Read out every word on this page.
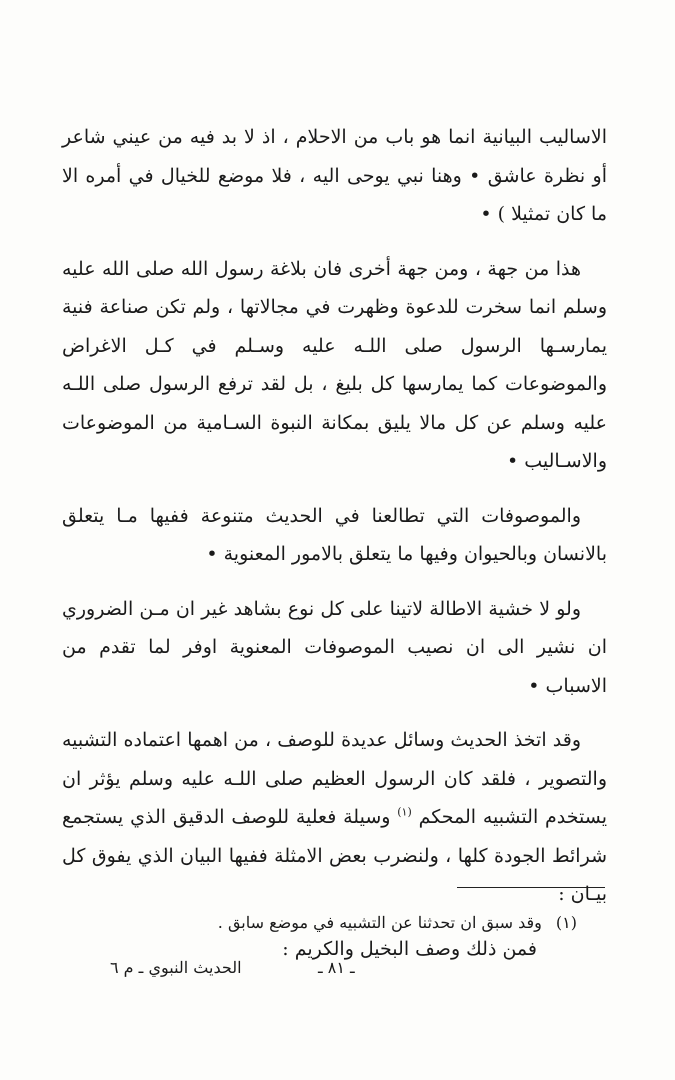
الاساليب البيانية انما هو باب من الاحلام ، اذ لا بد فيه من عيني شاعر أو نظرة عاشق • وهنا نبي يوحى اليه ، فلا موضع للخيال في أمره الا ما كان تمثيلا ) •

هذا من جهة ، ومن جهة أخرى فان بلاغة رسول الله صلى الله عليه وسلم انما سخرت للدعوة وظهرت في مجالاتها ، ولم تكن صناعة فنية يمارسـها الرسول صلى اللـه عليه وسـلم في كـل الاغراض والموضوعات كما يمارسها كل بليغ ، بل لقد ترفع الرسول صلى اللـه عليه وسلم عن كل مالا يليق بمكانة النبوة السـامية من الموضوعات والاسـاليب •

والموصوفات التي تطالعنا في الحديث متنوعة ففيها مـا يتعلق بالانسان وبالحيوان وفيها ما يتعلق بالامور المعنوية •

ولو لا خشية الاطالة لاتينا على كل نوع بشاهد غير ان مـن الضروري ان نشير الى ان نصيب الموصوفات المعنوية اوفر لما تقدم من الاسباب •

وقد اتخذ الحديث وسائل عديدة للوصف ، من اهمها اعتماده التشبيه والتصوير ، فلقد كان الرسول العظيم صلى اللـه عليه وسلم يؤثر ان يستخدم التشبيه المحكم $^{(١)}$ وسيلة فعلية للوصف الدقيق الذي يستجمع شرائط الجودة كلها ، ولنضرب بعض الامثلة ففيها البيان الذي يفوق كل بيـان :

فمن ذلك وصف البخيل والكريم :

(١)وقد سبق ان تحدثنا عن التشبيه في موضع سابق .
ـ ٨١ ـ
الحديث النبوي ـ م ٦
